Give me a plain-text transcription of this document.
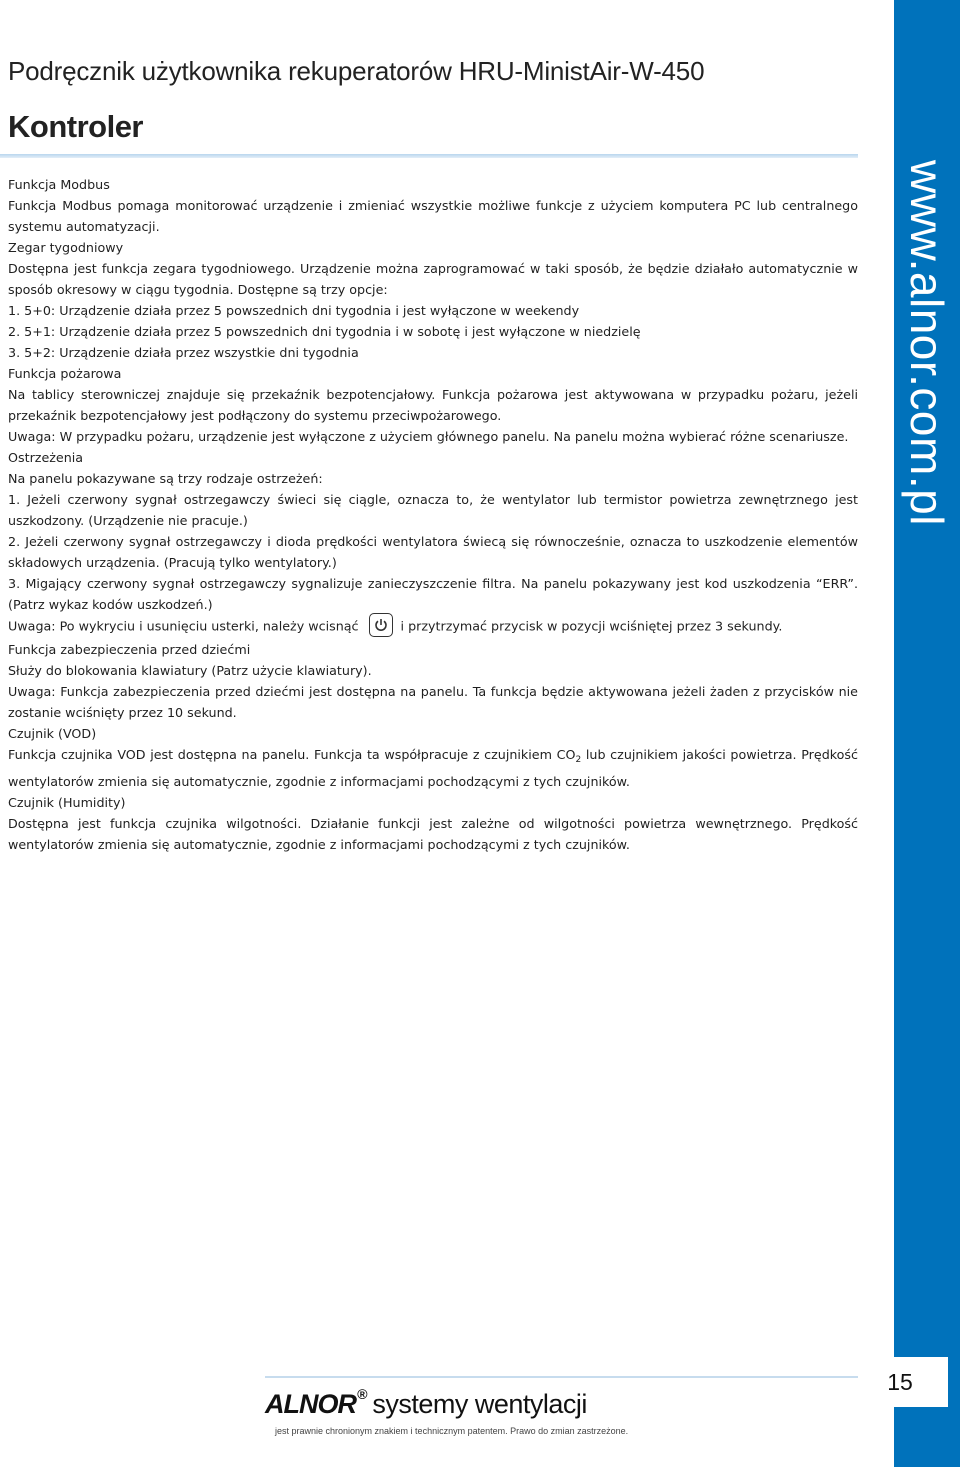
Podręcznik użytkownika rekuperatorów HRU-MinistAir-W-450
Kontroler

Funkcja Modbus

Funkcja Modbus pomaga monitorować urządzenie i zmieniać wszystkie możliwe funkcje z użyciem komputera PC lub centralnego systemu automatyzacji.

Zegar tygodniowy

Dostępna jest funkcja zegara tygodniowego. Urządzenie można zaprogramować w taki sposób, że będzie działało automatycznie w sposób okresowy w ciągu tygodnia. Dostępne są trzy opcje:

1. 5+0: Urządzenie działa przez 5 powszednich dni tygodnia i jest wyłączone w weekendy

2. 5+1: Urządzenie działa przez 5 powszednich dni tygodnia i w sobotę i jest wyłączone w niedzielę

3. 5+2: Urządzenie działa przez wszystkie dni tygodnia

Funkcja pożarowa

Na tablicy sterowniczej znajduje się przekaźnik bezpotencjałowy. Funkcja pożarowa jest aktywowana w przypadku pożaru, jeżeli przekaźnik bezpotencjałowy jest podłączony do systemu przeciwpożarowego.

Uwaga: W przypadku pożaru, urządzenie jest wyłączone z użyciem głównego panelu. Na panelu można wybierać różne scenariusze.

Ostrzeżenia

Na panelu pokazywane są trzy rodzaje ostrzeżeń:

1. Jeżeli czerwony sygnał ostrzegawczy świeci się ciągle, oznacza to, że wentylator lub termistor powietrza zewnętrznego jest uszkodzony. (Urządzenie nie pracuje.)

2. Jeżeli czerwony sygnał ostrzegawczy i dioda prędkości wentylatora świecą się równocześnie, oznacza to uszkodzenie elementów składowych urządzenia. (Pracują tylko wentylatory.)

3. Migający czerwony sygnał ostrzegawczy sygnalizuje zanieczyszczenie filtra. Na panelu pokazywany jest kod uszkodzenia “ERR”. (Patrz wykaz kodów uszkodzeń.)

Uwaga: Po wykryciu i usunięciu usterki, należy wcisnąć	i przytrzymać przycisk w pozycji wciśniętej przez 3 sekundy.

Funkcja zabezpieczenia przed dziećmi

Służy do blokowania klawiatury (Patrz użycie klawiatury).

Uwaga: Funkcja zabezpieczenia przed dziećmi jest dostępna na panelu. Ta funkcja będzie aktywowana jeżeli żaden z przycisków nie zostanie wciśnięty przez 10 sekund.

Czujnik (VOD)

Funkcja czujnika VOD jest dostępna na panelu. Funkcja ta współpracuje z czujnikiem $CO_2$ lub czujnikiem jakości powietrza. Prędkość wentylatorów zmienia się automatycznie, zgodnie z informacjami pochodzącymi z tych czujników.

Czujnik (Humidity)

Dostępna jest funkcja czujnika wilgotności. Działanie funkcji jest zależne od wilgotności powietrza wewnętrznego. Prędkość wentylatorów zmienia się automatycznie, zgodnie z informacjami pochodzącymi z tych czujników.

www.alnor.com.pl
15
ALNOR® systemy wentylacji
jest prawnie chronionym znakiem i technicznym patentem. Prawo do zmian zastrzeżone.
